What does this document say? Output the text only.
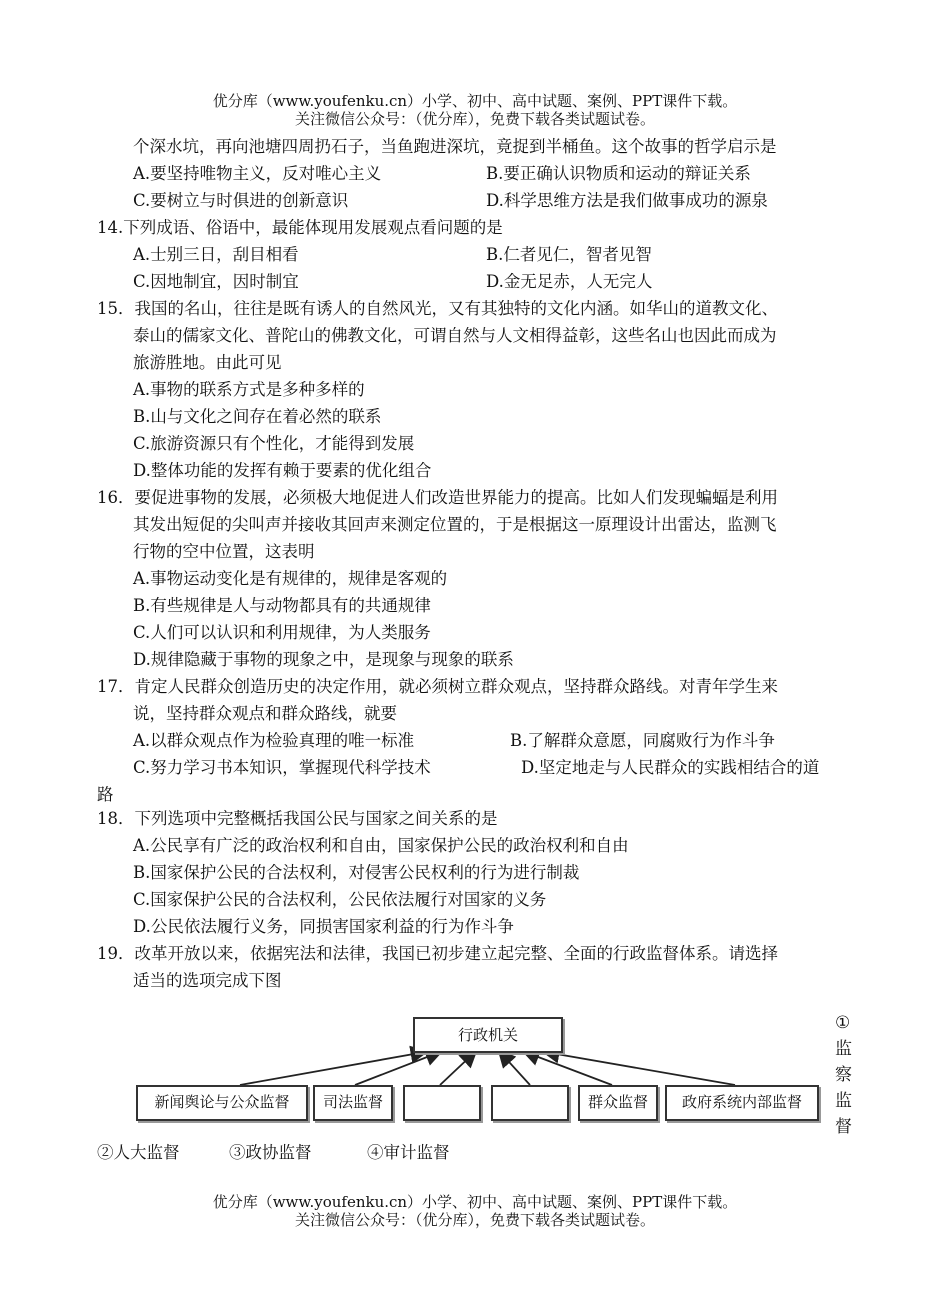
优分库（www.youfenku.cn）小学、初中、高中试题、案例、PPT课件下载。
关注微信公众号：（优分库），免费下载各类试题试卷。
个深水坑，再向池塘四周扔石子，当鱼跑进深坑，竟捉到半桶鱼。这个故事的哲学启示是
A.要坚持唯物主义，反对唯心主义	B.要正确认识物质和运动的辩证关系
C.要树立与时俱进的创新意识	D.科学思维方法是我们做事成功的源泉
14.下列成语、俗语中，最能体现用发展观点看问题的是
A.士别三日，刮目相看	B.仁者见仁，智者见智
C.因地制宜，因时制宜	D.金无足赤，人无完人
15．我国的名山，往往是既有诱人的自然风光，又有其独特的文化内涵。如华山的道教文化、
泰山的儒家文化、普陀山的佛教文化，可谓自然与人文相得益彰，这些名山也因此而成为
旅游胜地。由此可见
A.事物的联系方式是多种多样的
B.山与文化之间存在着必然的联系
C.旅游资源只有个性化，才能得到发展
D.整体功能的发挥有赖于要素的优化组合
16．要促进事物的发展，必须极大地促进人们改造世界能力的提高。比如人们发现蝙蝠是利用
其发出短促的尖叫声并接收其回声来测定位置的，于是根据这一原理设计出雷达，监测飞
行物的空中位置，这表明
A.事物运动变化是有规律的，规律是客观的
B.有些规律是人与动物都具有的共通规律
C.人们可以认识和利用规律，为人类服务
D.规律隐藏于事物的现象之中，是现象与现象的联系
17．肯定人民群众创造历史的决定作用，就必须树立群众观点，坚持群众路线。对青年学生来
说，坚持群众观点和群众路线，就要
A.以群众观点作为检验真理的唯一标准	B.了解群众意愿，同腐败行为作斗争
C.努力学习书本知识，掌握现代科学技术	D.坚定地走与人民群众的实践相结合的道
路
18．下列选项中完整概括我国公民与国家之间关系的是
A.公民享有广泛的政治权利和自由，国家保护公民的政治权利和自由
B.国家保护公民的合法权利，对侵害公民权利的行为进行制裁
C.国家保护公民的合法权利，公民依法履行对国家的义务
D.公民依法履行义务，同损害国家利益的行为作斗争
19．改革开放以来，依据宪法和法律，我国已初步建立起完整、全面的行政监督体系。请选择
适当的选项完成下图
行政机关
新闻舆论与公众监督	司法监督	群众监督	政府系统内部监督
①
监
察
监
督
②人大监督	③政协监督	④审计监督
优分库（www.youfenku.cn）小学、初中、高中试题、案例、PPT课件下载。
关注微信公众号：（优分库），免费下载各类试题试卷。
